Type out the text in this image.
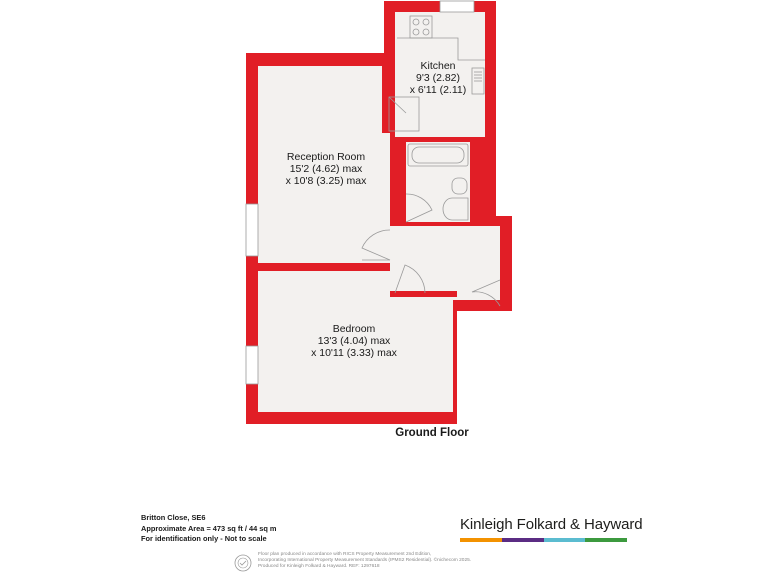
Kitchen
9'3 (2.82)
x 6'11 (2.11)
Reception Room
15'2 (4.62) max
x 10'8 (3.25) max
Bedroom
13'3 (4.04) max
x 10'11 (3.33) max
Ground Floor
Britton Close, SE6
Approximate Area = 473 sq ft / 44 sq m
For identification only - Not to scale
Kinleigh Folkard & Hayward
Floor plan produced in accordance with RICS Property Measurement 2nd Edition,
Incorporating International Property Measurement Standards (IPMS2 Residential). ©nichecom 2025.
Produced for Kinleigh Folkard & Hayward. REF: 1297618
